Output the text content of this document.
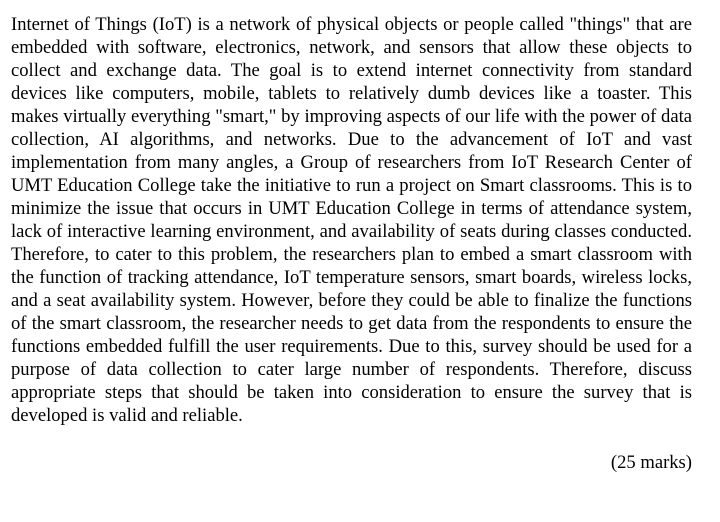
Internet of Things (IoT) is a network of physical objects or people called "things" that are embedded with software, electronics, network, and sensors that allow these objects to collect and exchange data. The goal is to extend internet connectivity from standard devices like computers, mobile, tablets to relatively dumb devices like a toaster. This makes virtually everything "smart," by improving aspects of our life with the power of data collection, AI algorithms, and networks. Due to the advancement of IoT and vast implementation from many angles, a Group of researchers from IoT Research Center of UMT Education College take the initiative to run a project on Smart classrooms. This is to minimize the issue that occurs in UMT Education College in terms of attendance system, lack of interactive learning environment, and availability of seats during classes conducted. Therefore, to cater to this problem, the researchers plan to embed a smart classroom with the function of tracking attendance, IoT temperature sensors, smart boards, wireless locks, and a seat availability system. However, before they could be able to finalize the functions of the smart classroom, the researcher needs to get data from the respondents to ensure the functions embedded fulfill the user requirements. Due to this, survey should be used for a purpose of data collection to cater large number of respondents. Therefore, discuss appropriate steps that should be taken into consideration to ensure the survey that is developed is valid and reliable.

(25 marks)
